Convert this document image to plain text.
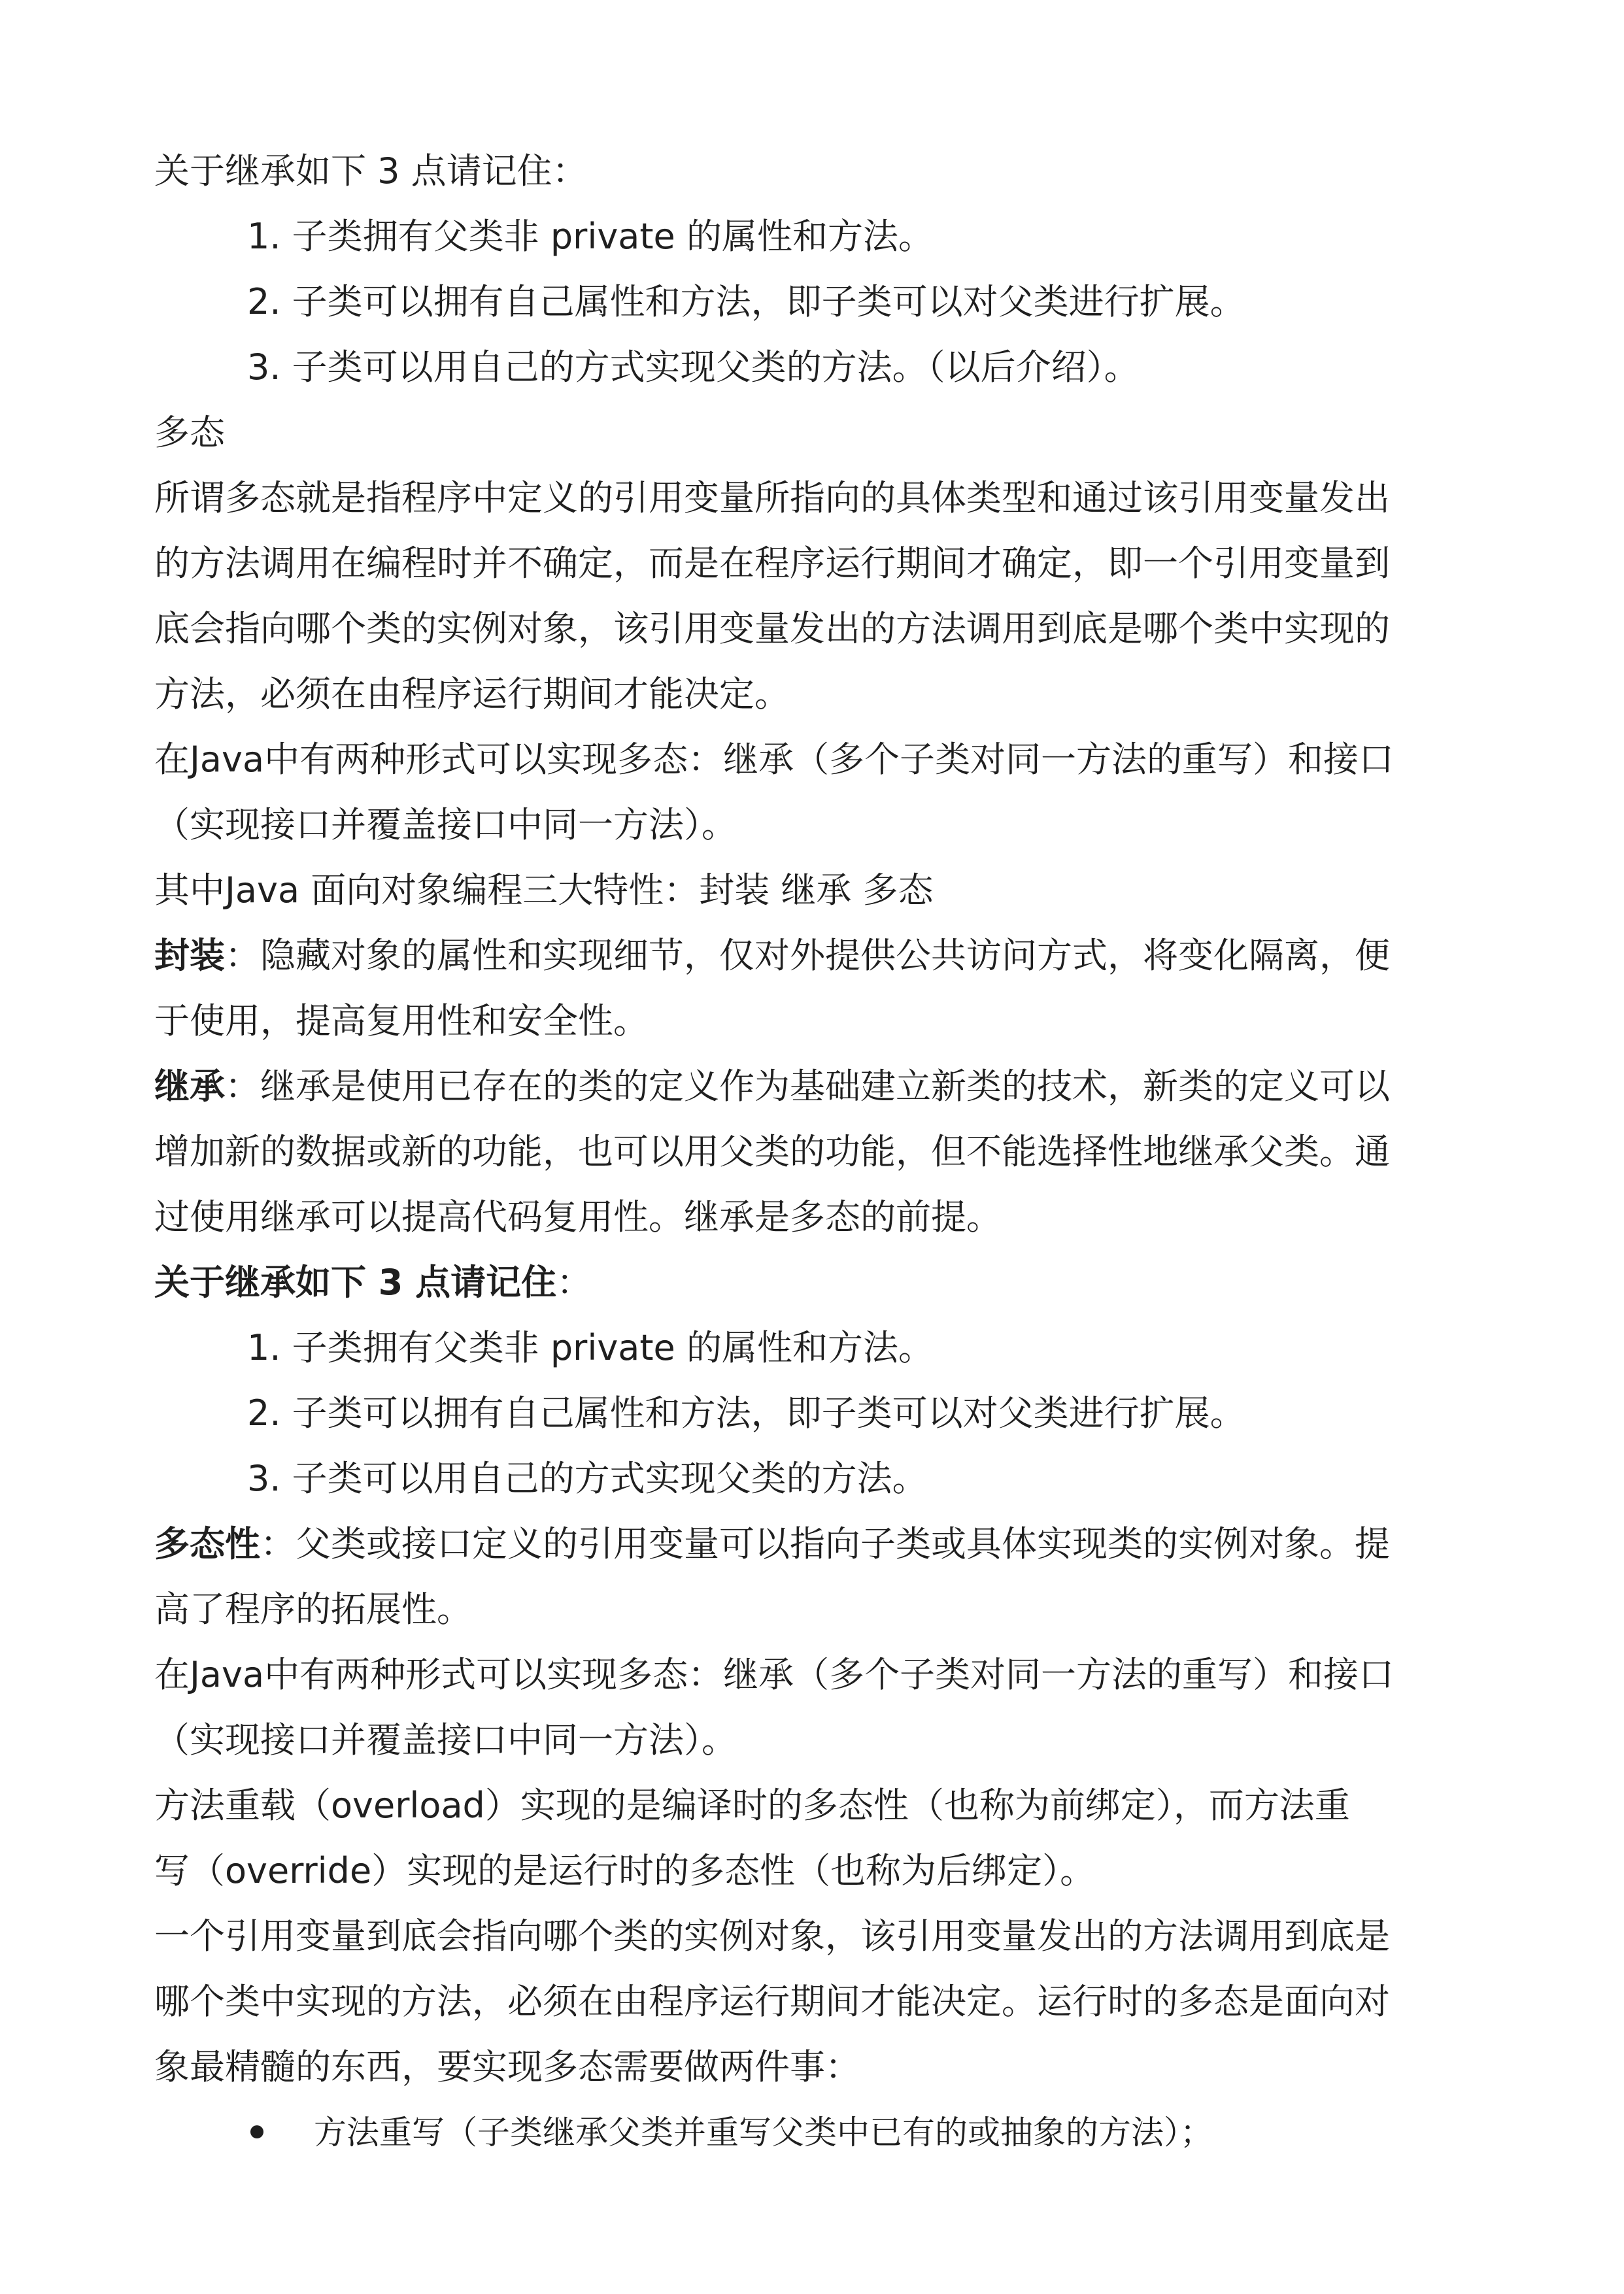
关于继承如下 3 点请记住：

1. 子类拥有父类非 private 的属性和方法。

2. 子类可以拥有自己属性和方法，即子类可以对父类进行扩展。

3. 子类可以用自己的方式实现父类的方法。（以后介绍）。

多态

所谓多态就是指程序中定义的引用变量所指向的具体类型和通过该引用变量发出

的方法调用在编程时并不确定，而是在程序运行期间才确定，即一个引用变量到

底会指向哪个类的实例对象，该引用变量发出的方法调用到底是哪个类中实现的

方法，必须在由程序运行期间才能决定。

在Java中有两种形式可以实现多态：继承（多个子类对同一方法的重写）和接口

（实现接口并覆盖接口中同一方法）。

其中Java 面向对象编程三大特性：封装 继承 多态

封装：隐藏对象的属性和实现细节，仅对外提供公共访问方式，将变化隔离，便

于使用，提高复用性和安全性。

继承：继承是使用已存在的类的定义作为基础建立新类的技术，新类的定义可以

增加新的数据或新的功能，也可以用父类的功能，但不能选择性地继承父类。通

过使用继承可以提高代码复用性。继承是多态的前提。

关于继承如下 3 点请记住：

1. 子类拥有父类非 private 的属性和方法。

2. 子类可以拥有自己属性和方法，即子类可以对父类进行扩展。

3. 子类可以用自己的方式实现父类的方法。

多态性：父类或接口定义的引用变量可以指向子类或具体实现类的实例对象。提

高了程序的拓展性。

在Java中有两种形式可以实现多态：继承（多个子类对同一方法的重写）和接口

（实现接口并覆盖接口中同一方法）。

方法重载（overload）实现的是编译时的多态性（也称为前绑定），而方法重

写（override）实现的是运行时的多态性（也称为后绑定）。

一个引用变量到底会指向哪个类的实例对象，该引用变量发出的方法调用到底是

哪个类中实现的方法，必须在由程序运行期间才能决定。运行时的多态是面向对

象最精髓的东西，要实现多态需要做两件事：

方法重写（子类继承父类并重写父类中已有的或抽象的方法）；
